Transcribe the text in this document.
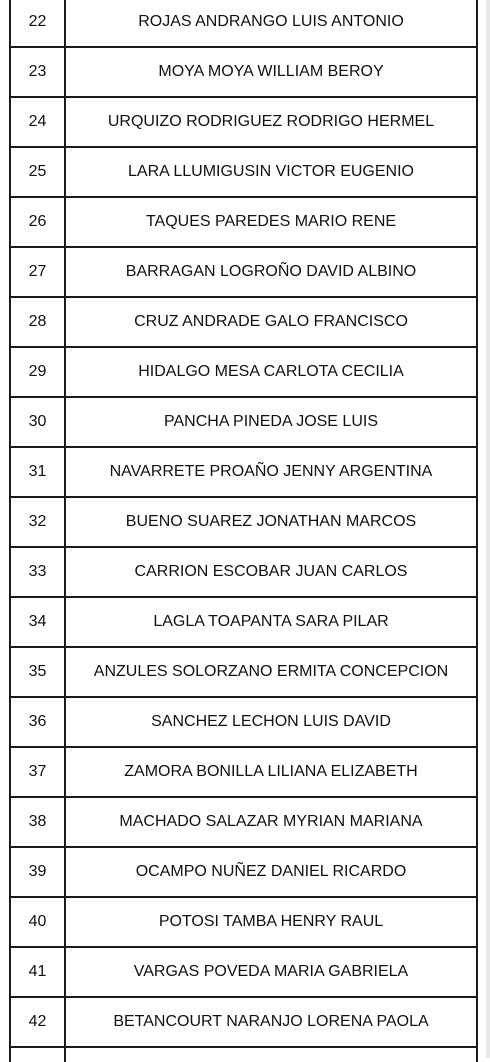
22	ROJAS ANDRANGO LUIS ANTONIO
23	MOYA MOYA WILLIAM BEROY
24	URQUIZO RODRIGUEZ RODRIGO HERMEL
25	LARA LLUMIGUSIN VICTOR EUGENIO
26	TAQUES PAREDES MARIO RENE
27	BARRAGAN LOGROÑO DAVID ALBINO
28	CRUZ ANDRADE GALO FRANCISCO
29	HIDALGO MESA CARLOTA CECILIA
30	PANCHA PINEDA JOSE LUIS
31	NAVARRETE PROAÑO JENNY ARGENTINA
32	BUENO SUAREZ JONATHAN MARCOS
33	CARRION ESCOBAR JUAN CARLOS
34	LAGLA TOAPANTA SARA PILAR
35	ANZULES SOLORZANO ERMITA CONCEPCION
36	SANCHEZ LECHON LUIS DAVID
37	ZAMORA BONILLA LILIANA ELIZABETH
38	MACHADO SALAZAR MYRIAN MARIANA
39	OCAMPO NUÑEZ DANIEL RICARDO
40	POTOSI TAMBA HENRY RAUL
41	VARGAS POVEDA MARIA GABRIELA
42	BETANCOURT NARANJO LORENA PAOLA
